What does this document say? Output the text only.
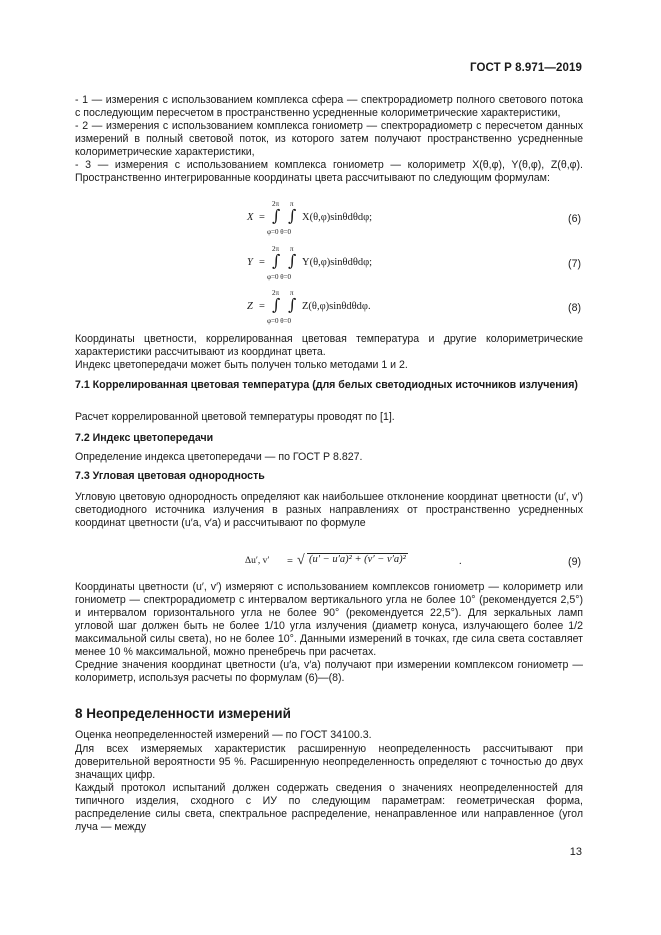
ГОСТ Р 8.971—2019

- 1 — измерения с использованием комплекса сфера — спектрорадиометр полного светового потока с последующим пересчетом в пространственно усредненные колориметрические характеристики,

- 2 — измерения с использованием комплекса гониометр — спектрорадиометр с пересчетом данных измерений в полный световой поток, из которого затем получают пространственно усредненные колориметрические характеристики,

- 3 — измерения с использованием комплекса гониометр — колориметр X(θ,φ), Y(θ,φ), Z(θ,φ). Пространственно интегрированные координаты цвета рассчитывают по следующим формулам:

X =
2π π
∫ ∫
φ=0 θ=0
X(θ,φ)sinθdθdφ;	(6)
Y =
2π π
∫ ∫
φ=0 θ=0
Y(θ,φ)sinθdθdφ;	(7)
Z =
2π π
∫ ∫
φ=0 θ=0
Z(θ,φ)sinθdθdφ.	(8)

Координаты цветности, коррелированная цветовая температура и другие колориметрические характеристики рассчитывают из координат цвета.

Индекс цветопередачи может быть получен только методами 1 и 2.

7.1 Коррелированная цветовая температура (для белых светодиодных источников излучения)

Расчет коррелированной цветовой температуры проводят по [1].

7.2 Индекс цветопередачи

Определение индекса цветопередачи — по ГОСТ Р 8.827.

7.3 Угловая цветовая однородность

Угловую цветовую однородность определяют как наибольшее отклонение координат цветности (u′, v′) светодиодного источника излучения в разных направлениях от пространственно усредненных координат цветности (u′a, v′a) и рассчитывают по формуле

Δu′, v′ = √ (u′ − u′a)² + (v′ − v′a)²	.	(9)

Координаты цветности (u′, v′) измеряют с использованием комплексов гониометр — колориметр или гониометр — спектрорадиометр с интервалом вертикального угла не более 10° (рекомендуется 2,5°) и интервалом горизонтального угла не более 90° (рекомендуется 22,5°). Для зеркальных ламп угловой шаг должен быть не более 1/10 угла излучения (диаметр конуса, излучающего более 1/2 максимальной силы света), но не более 10°. Данными измерений в точках, где сила света составляет менее 10 % максимальной, можно пренебречь при расчетах.

Средние значения координат цветности (u′a, v′a) получают при измерении комплексом гониометр — колориметр, используя расчеты по формулам (6)—(8).

8 Неопределенности измерений

Оценка неопределенностей измерений — по ГОСТ 34100.3.

Для всех измеряемых характеристик расширенную неопределенность рассчитывают при доверительной вероятности 95 %. Расширенную неопределенность определяют с точностью до двух значащих цифр.

Каждый протокол испытаний должен содержать сведения о значениях неопределенностей для типичного изделия, сходного с ИУ по следующим параметрам: геометрическая форма, распределение силы света, спектральное распределение, ненаправленное или направленное (угол луча — между

13
